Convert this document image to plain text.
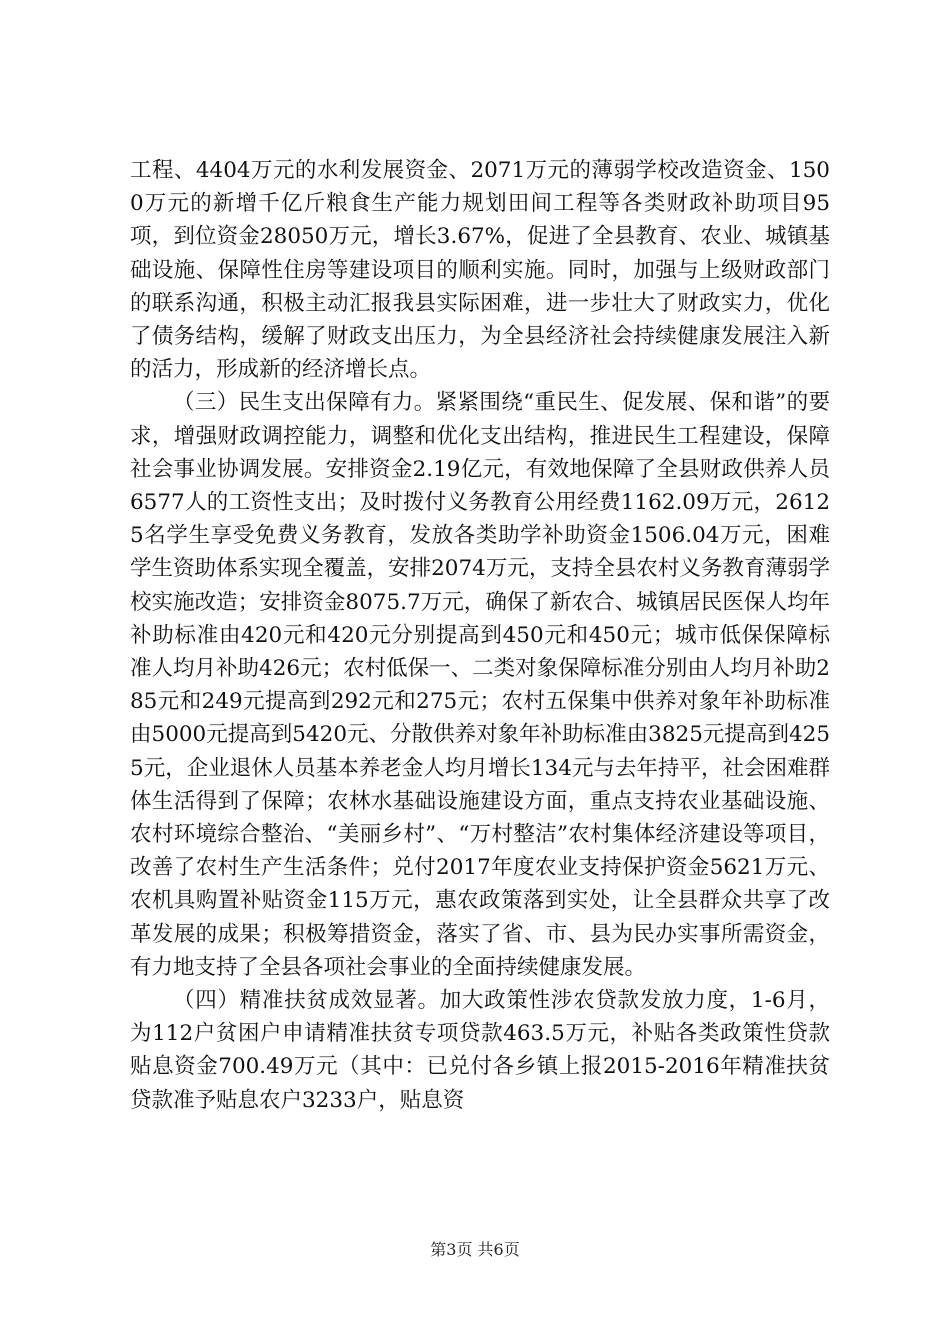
工程、4404万元的水利发展资金、2071万元的薄弱学校改造资金、1500万元的新增千亿斤粮食生产能力规划田间工程等各类财政补助项目95项，到位资金28050万元，增长3.67%，促进了全县教育、农业、城镇基础设施、保障性住房等建设项目的顺利实施。同时，加强与上级财政部门的联系沟通，积极主动汇报我县实际困难，进一步壮大了财政实力，优化了债务结构，缓解了财政支出压力，为全县经济社会持续健康发展注入新的活力，形成新的经济增长点。

（三）民生支出保障有力。紧紧围绕“重民生、促发展、保和谐”的要求，增强财政调控能力，调整和优化支出结构，推进民生工程建设，保障社会事业协调发展。安排资金2.19亿元，有效地保障了全县财政供养人员6577人的工资性支出；及时拨付义务教育公用经费1162.09万元，26125名学生享受免费义务教育，发放各类助学补助资金1506.04万元，困难学生资助体系实现全覆盖，安排2074万元，支持全县农村义务教育薄弱学校实施改造；安排资金8075.7万元，确保了新农合、城镇居民医保人均年补助标准由420元和420元分别提高到450元和450元；城市低保保障标准人均月补助426元；农村低保一、二类对象保障标准分别由人均月补助285元和249元提高到292元和275元；农村五保集中供养对象年补助标准由5000元提高到5420元、分散供养对象年补助标准由3825元提高到4255元，企业退休人员基本养老金人均月增长134元与去年持平，社会困难群体生活得到了保障；农林水基础设施建设方面，重点支持农业基础设施、农村环境综合整治、“美丽乡村”、“万村整洁”农村集体经济建设等项目，改善了农村生产生活条件；兑付2017年度农业支持保护资金5621万元、农机具购置补贴资金115万元，惠农政策落到实处，让全县群众共享了改革发展的成果；积极筹措资金，落实了省、市、县为民办实事所需资金，有力地支持了全县各项社会事业的全面持续健康发展。

（四）精准扶贫成效显著。加大政策性涉农贷款发放力度，1-6月，为112户贫困户申请精准扶贫专项贷款463.5万元，补贴各类政策性贷款贴息资金700.49万元（其中：已兑付各乡镇上报2015-2016年精准扶贫贷款准予贴息农户3233户，贴息资

第3页 共6页
